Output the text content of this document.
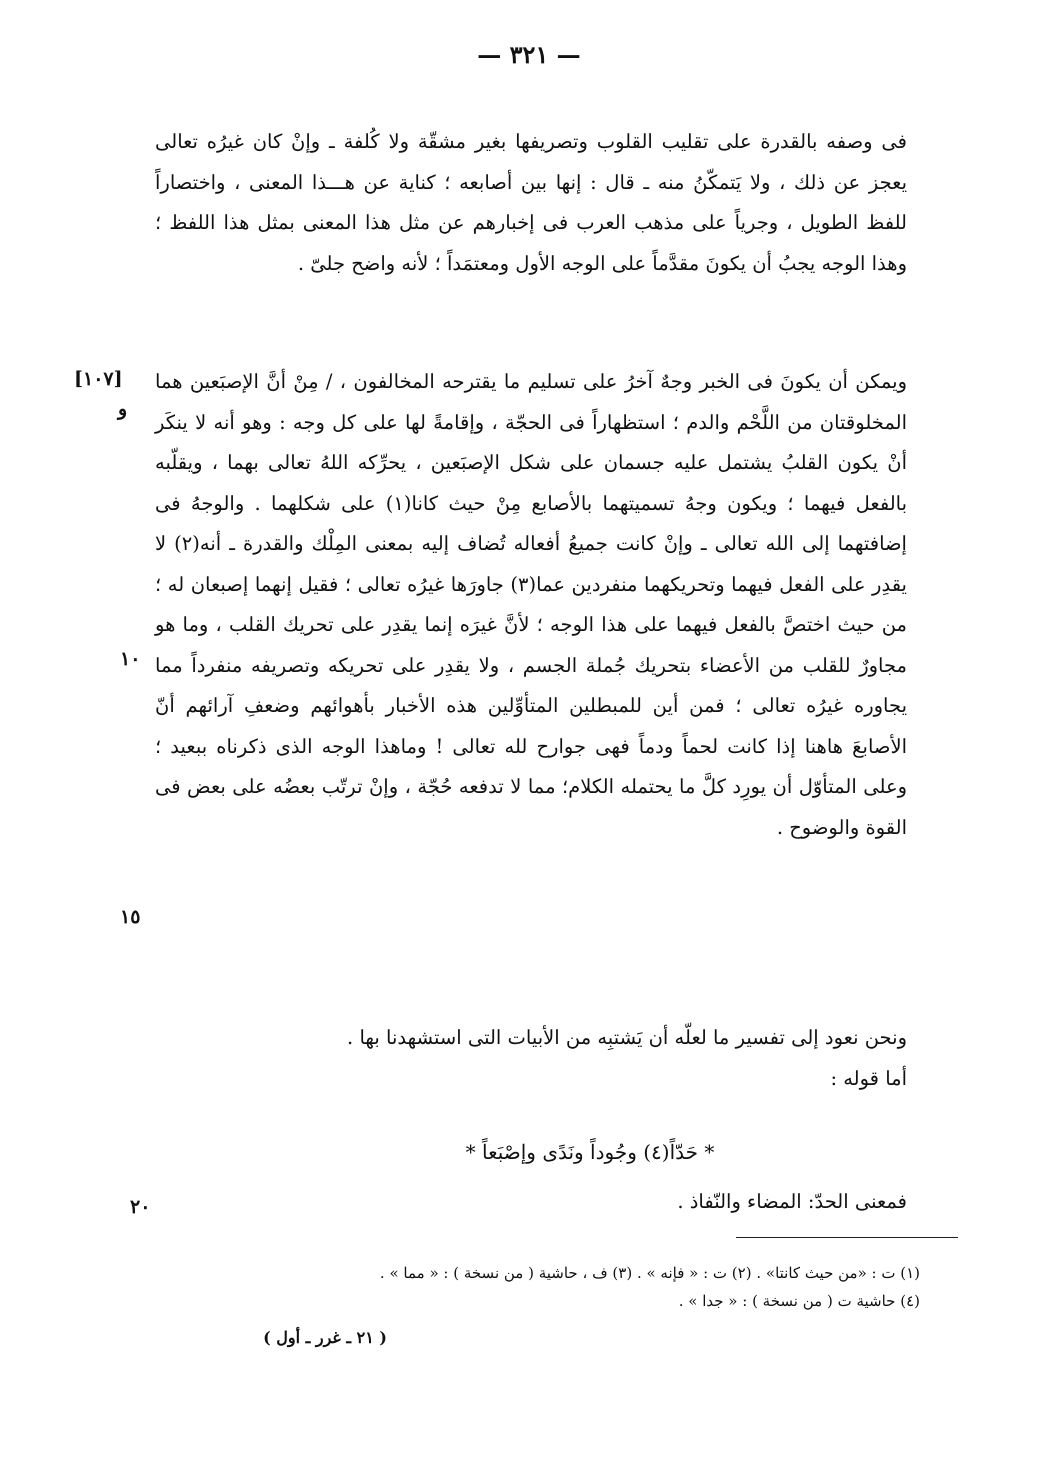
— ٣٢١ —

فى وصفه بالقدرة على تقليب القلوب وتصريفها بغير مشقّة ولا كُلفة ـ وإنْ كان غيرُه تعالى يعجز عن ذلك ، ولا يَتمكّنُ منه ـ قال : إنها بين أصابعه ؛ كناية عن هـــذا المعنى ، واختصاراً للفظ الطويل ، وجرياً على مذهب العرب فى إخبارهم عن مثل هذا المعنى بمثل هذا اللفظ ؛ وهذا الوجه يجبُ أن يكونَ مقدَّماً على الوجه الأول ومعتمَداً ؛ لأنه واضح جلىّ .

[١٠٧]
و

ويمكن أن يكونَ فى الخبر وجهٌ آخرُ على تسليم ما يقترحه المخالفون ، / مِنْ أنَّ الإصبَعين هما المخلوقتان من اللَّحْم والدم ؛ استظهاراً فى الحجّة ، وإقامةً لها على كل وجه : وهو أنه لا ينكَر أنْ يكون القلبُ يشتمل عليه جسمان على شكل الإصبَعين ، يحرِّكه اللهُ تعالى بهما ، ويقلّبه بالفعل فيهما ؛ ويكون وجهُ تسميتهما بالأصابع مِنْ حيث كانا(١) على شكلهما . والوجهُ فى إضافتهما إلى الله تعالى ـ وإنْ كانت جميعُ أفعاله تُضاف إليه بمعنى المِلْك والقدرة ـ أنه(٢) لا يقدِر على الفعل فيهما وتحريكهما منفردين عما(٣) جاورَها غيرُه تعالى ؛ فقيل إنهما إصبعان له ؛ من حيث اختصَّ بالفعل فيهما على هذا الوجه ؛ لأنَّ غيرَه إنما يقدِر على تحريك القلب ، وما هو مجاورٌ للقلب من الأعضاء بتحريك جُملة الجسم ، ولا يقدِر على تحريكه وتصريفه منفرداً مما يجاوره غيرُه تعالى ؛ فمن أين للمبطلين المتأوِّلين هذه الأخبار بأهوائهم وضعفِ آرائهم أنّ الأصابعَ هاهنا إذا كانت لحماً ودماً فهى جوارح لله تعالى ! وماهذا الوجه الذى ذكرناه ببعيد ؛ وعلى المتأوّل أن يورِد كلَّ ما يحتمله الكلام؛ مما لا تدفعه حُجّة ، وإنْ ترتّب بعضُه على بعض فى القوة والوضوح .

١٠
١٥

ونحن نعود إلى تفسير ما لعلّه أن يَشتبِه من الأبيات التى استشهدنا بها .

أما قوله :

* حَدّاً(٤) وجُوداً ونَدًى وإصْبَعاً *

فمعنى الحدّ: المضاء والنّفاذ .

٢٠
(١) ت : «من حيث كانتا» . (٢) ت : « فإنه » . (٣) ف ، حاشية ( من نسخة ) : « مما » .
(٤) حاشية ت ( من نسخة ) : « جدا » .
( ٢١ ـ غرر ـ أول )
